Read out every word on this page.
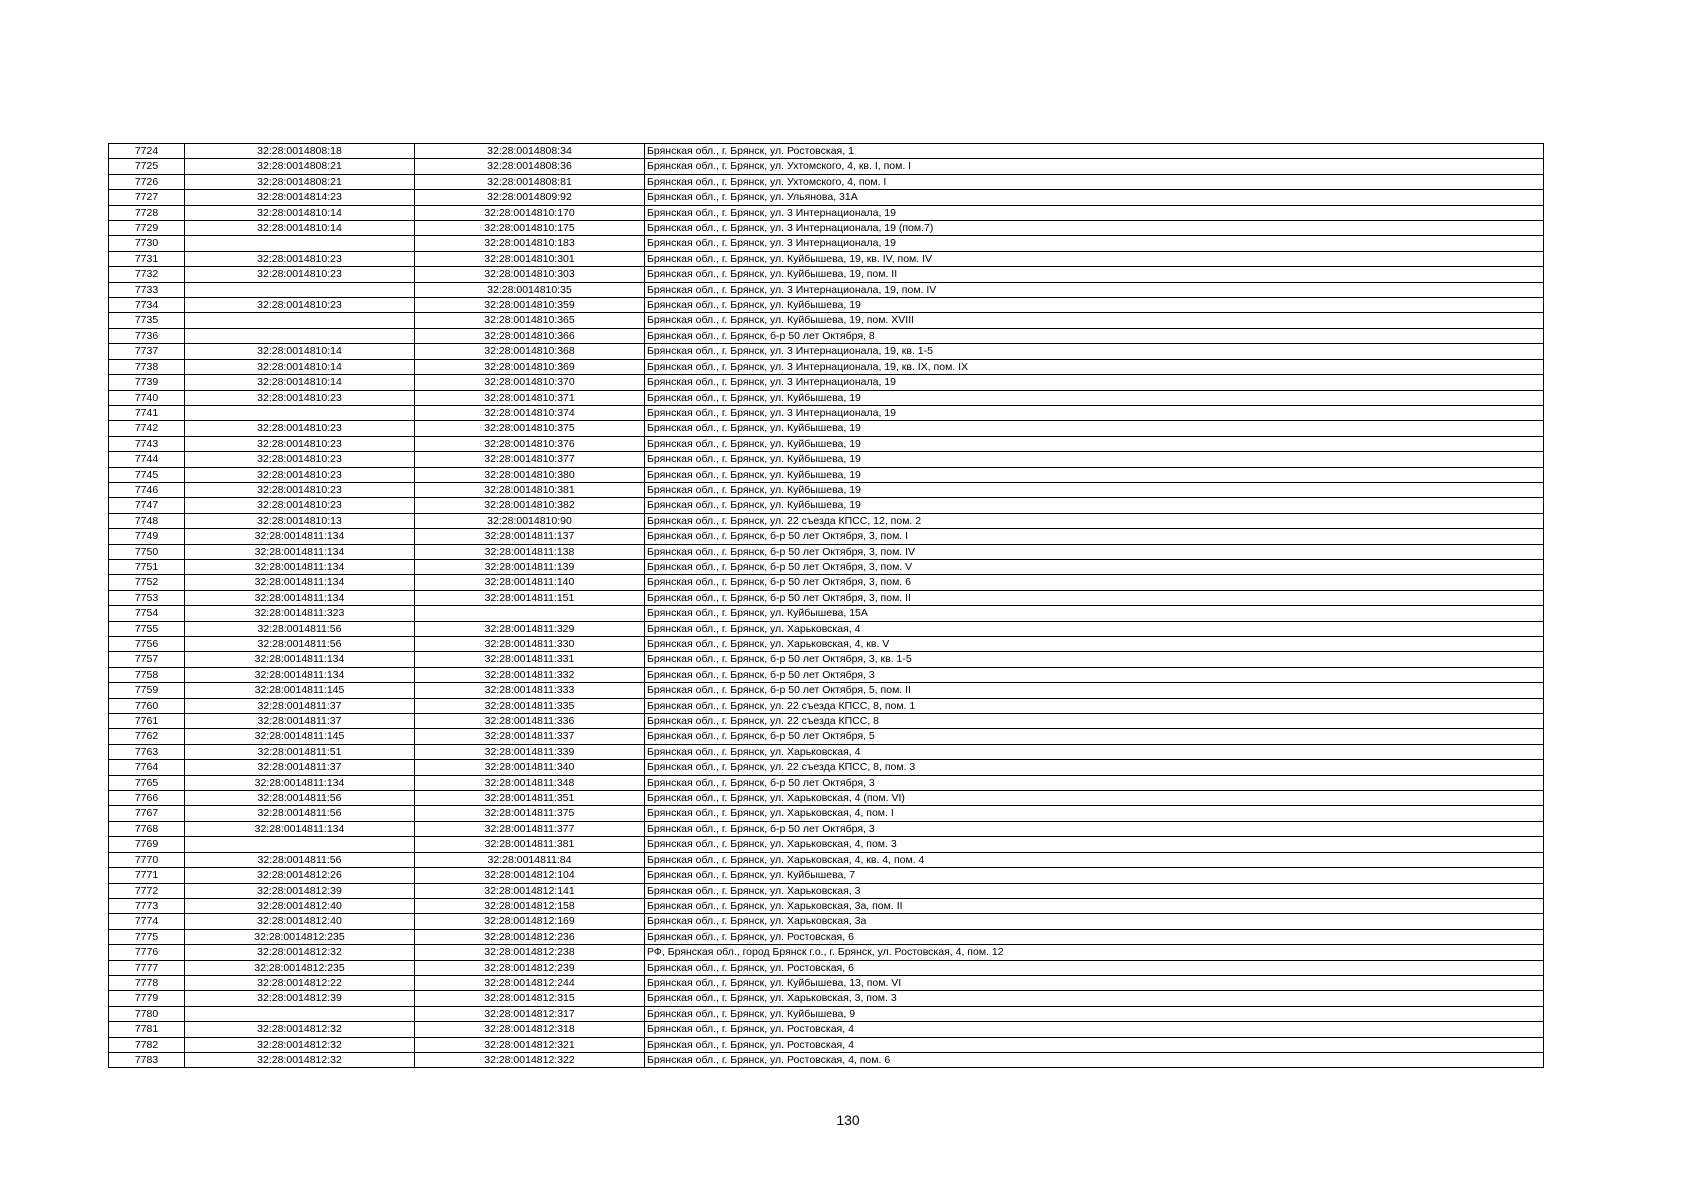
7724	32:28:0014808:18	32:28:0014808:34	Брянская обл., г. Брянск, ул. Ростовская, 1
7725	32:28:0014808:21	32:28:0014808:36	Брянская обл., г. Брянск, ул. Ухтомского, 4, кв. I, пом. I
7726	32:28:0014808:21	32:28:0014808:81	Брянская обл., г. Брянск, ул. Ухтомского, 4, пом. I
7727	32:28:0014814:23	32:28:0014809:92	Брянская обл., г. Брянск, ул. Ульянова, 31А
7728	32:28:0014810:14	32:28:0014810:170	Брянская обл., г. Брянск, ул. 3 Интернационала, 19
7729	32:28:0014810:14	32:28:0014810:175	Брянская обл., г. Брянск, ул. 3 Интернационала, 19 (пом.7)
7730		32:28:0014810:183	Брянская обл., г. Брянск, ул. 3 Интернационала, 19
7731	32:28:0014810:23	32:28:0014810:301	Брянская обл., г. Брянск, ул. Куйбышева, 19, кв. IV, пом. IV
7732	32:28:0014810:23	32:28:0014810:303	Брянская обл., г. Брянск, ул. Куйбышева, 19, пом. II
7733		32:28:0014810:35	Брянская обл., г. Брянск, ул. 3 Интернационала, 19, пом. IV
7734	32:28:0014810:23	32:28:0014810:359	Брянская обл., г. Брянск, ул. Куйбышева, 19
7735		32:28:0014810:365	Брянская обл., г. Брянск, ул. Куйбышева, 19, пом. XVIII
7736		32:28:0014810:366	Брянская обл., г. Брянск, б-р 50 лет Октября, 8
7737	32:28:0014810:14	32:28:0014810:368	Брянская обл., г. Брянск, ул. 3 Интернационала, 19, кв. 1-5
7738	32:28:0014810:14	32:28:0014810:369	Брянская обл., г. Брянск, ул. 3 Интернационала, 19, кв. IX, пом. IX
7739	32:28:0014810:14	32:28:0014810:370	Брянская обл., г. Брянск, ул. 3 Интернационала, 19
7740	32:28:0014810:23	32:28:0014810:371	Брянская обл., г. Брянск, ул. Куйбышева, 19
7741		32:28:0014810:374	Брянская обл., г. Брянск, ул. 3 Интернационала, 19
7742	32:28:0014810:23	32:28:0014810:375	Брянская обл., г. Брянск, ул. Куйбышева, 19
7743	32:28:0014810:23	32:28:0014810:376	Брянская обл., г. Брянск, ул. Куйбышева, 19
7744	32:28:0014810:23	32:28:0014810:377	Брянская обл., г. Брянск, ул. Куйбышева, 19
7745	32:28:0014810:23	32:28:0014810:380	Брянская обл., г. Брянск, ул. Куйбышева, 19
7746	32:28:0014810:23	32:28:0014810:381	Брянская обл., г. Брянск, ул. Куйбышева, 19
7747	32:28:0014810:23	32:28:0014810:382	Брянская обл., г. Брянск, ул. Куйбышева, 19
7748	32:28:0014810:13	32:28:0014810:90	Брянская обл., г. Брянск, ул. 22 съезда КПСС, 12, пом. 2
7749	32:28:0014811:134	32:28:0014811:137	Брянская обл., г. Брянск, б-р 50 лет Октября, 3, пом. I
7750	32:28:0014811:134	32:28:0014811:138	Брянская обл., г. Брянск, б-р 50 лет Октября, 3, пом. IV
7751	32:28:0014811:134	32:28:0014811:139	Брянская обл., г. Брянск, б-р 50 лет Октября, 3, пом. V
7752	32:28:0014811:134	32:28:0014811:140	Брянская обл., г. Брянск, б-р 50 лет Октября, 3, пом. 6
7753	32:28:0014811:134	32:28:0014811:151	Брянская обл., г. Брянск, б-р 50 лет Октября, 3, пом. II
7754	32:28:0014811:323		Брянская обл., г. Брянск, ул. Куйбышева, 15А
7755	32:28:0014811:56	32:28:0014811:329	Брянская обл., г. Брянск, ул. Харьковская, 4
7756	32:28:0014811:56	32:28:0014811:330	Брянская обл., г. Брянск, ул. Харьковская, 4, кв. V
7757	32:28:0014811:134	32:28:0014811:331	Брянская обл., г. Брянск, б-р 50 лет Октября, 3, кв. 1-5
7758	32:28:0014811:134	32:28:0014811:332	Брянская обл., г. Брянск, б-р 50 лет Октября, 3
7759	32:28:0014811:145	32:28:0014811:333	Брянская обл., г. Брянск, б-р 50 лет Октября, 5, пом. II
7760	32:28:0014811:37	32:28:0014811:335	Брянская обл., г. Брянск, ул. 22 съезда КПСС, 8, пом. 1
7761	32:28:0014811:37	32:28:0014811:336	Брянская обл., г. Брянск, ул. 22 съезда КПСС, 8
7762	32:28:0014811:145	32:28:0014811:337	Брянская обл., г. Брянск, б-р 50 лет Октября, 5
7763	32:28:0014811:51	32:28:0014811:339	Брянская обл., г. Брянск, ул. Харьковская, 4
7764	32:28:0014811:37	32:28:0014811:340	Брянская обл., г. Брянск, ул. 22 съезда КПСС, 8, пом. 3
7765	32:28:0014811:134	32:28:0014811:348	Брянская обл., г. Брянск, б-р 50 лет Октября, 3
7766	32:28:0014811:56	32:28:0014811:351	Брянская обл., г. Брянск, ул. Харьковская, 4 (пом. VI)
7767	32:28:0014811:56	32:28:0014811:375	Брянская обл., г. Брянск, ул. Харьковская, 4, пом. I
7768	32:28:0014811:134	32:28:0014811:377	Брянская обл., г. Брянск, б-р 50 лет Октября, 3
7769		32:28:0014811:381	Брянская обл., г. Брянск, ул. Харьковская, 4, пом. 3
7770	32:28:0014811:56	32:28:0014811:84	Брянская обл., г. Брянск, ул. Харьковская, 4, кв. 4, пом. 4
7771	32:28:0014812:26	32:28:0014812:104	Брянская обл., г. Брянск, ул. Куйбышева, 7
7772	32:28:0014812:39	32:28:0014812:141	Брянская обл., г. Брянск, ул. Харьковская, 3
7773	32:28:0014812:40	32:28:0014812:158	Брянская обл., г. Брянск, ул. Харьковская, 3а, пом. II
7774	32:28:0014812:40	32:28:0014812:169	Брянская обл., г. Брянск, ул. Харьковская, 3а
7775	32:28:0014812:235	32:28:0014812:236	Брянская обл., г. Брянск, ул. Ростовская, 6
7776	32:28:0014812:32	32:28:0014812:238	РФ, Брянская обл., город Брянск г.о., г. Брянск, ул. Ростовская, 4, пом. 12
7777	32:28:0014812:235	32:28:0014812:239	Брянская обл., г. Брянск, ул. Ростовская, 6
7778	32:28:0014812:22	32:28:0014812:244	Брянская обл., г. Брянск, ул. Куйбышева, 13, пом. VI
7779	32:28:0014812:39	32:28:0014812:315	Брянская обл., г. Брянск, ул. Харьковская, 3, пом. 3
7780		32:28:0014812:317	Брянская обл., г. Брянск, ул. Куйбышева, 9
7781	32:28:0014812:32	32:28:0014812:318	Брянская обл., г. Брянск, ул. Ростовская, 4
7782	32:28:0014812:32	32:28:0014812:321	Брянская обл., г. Брянск, ул. Ростовская, 4
7783	32:28:0014812:32	32:28:0014812:322	Брянская обл., г. Брянск, ул. Ростовская, 4, пом. 6
130
